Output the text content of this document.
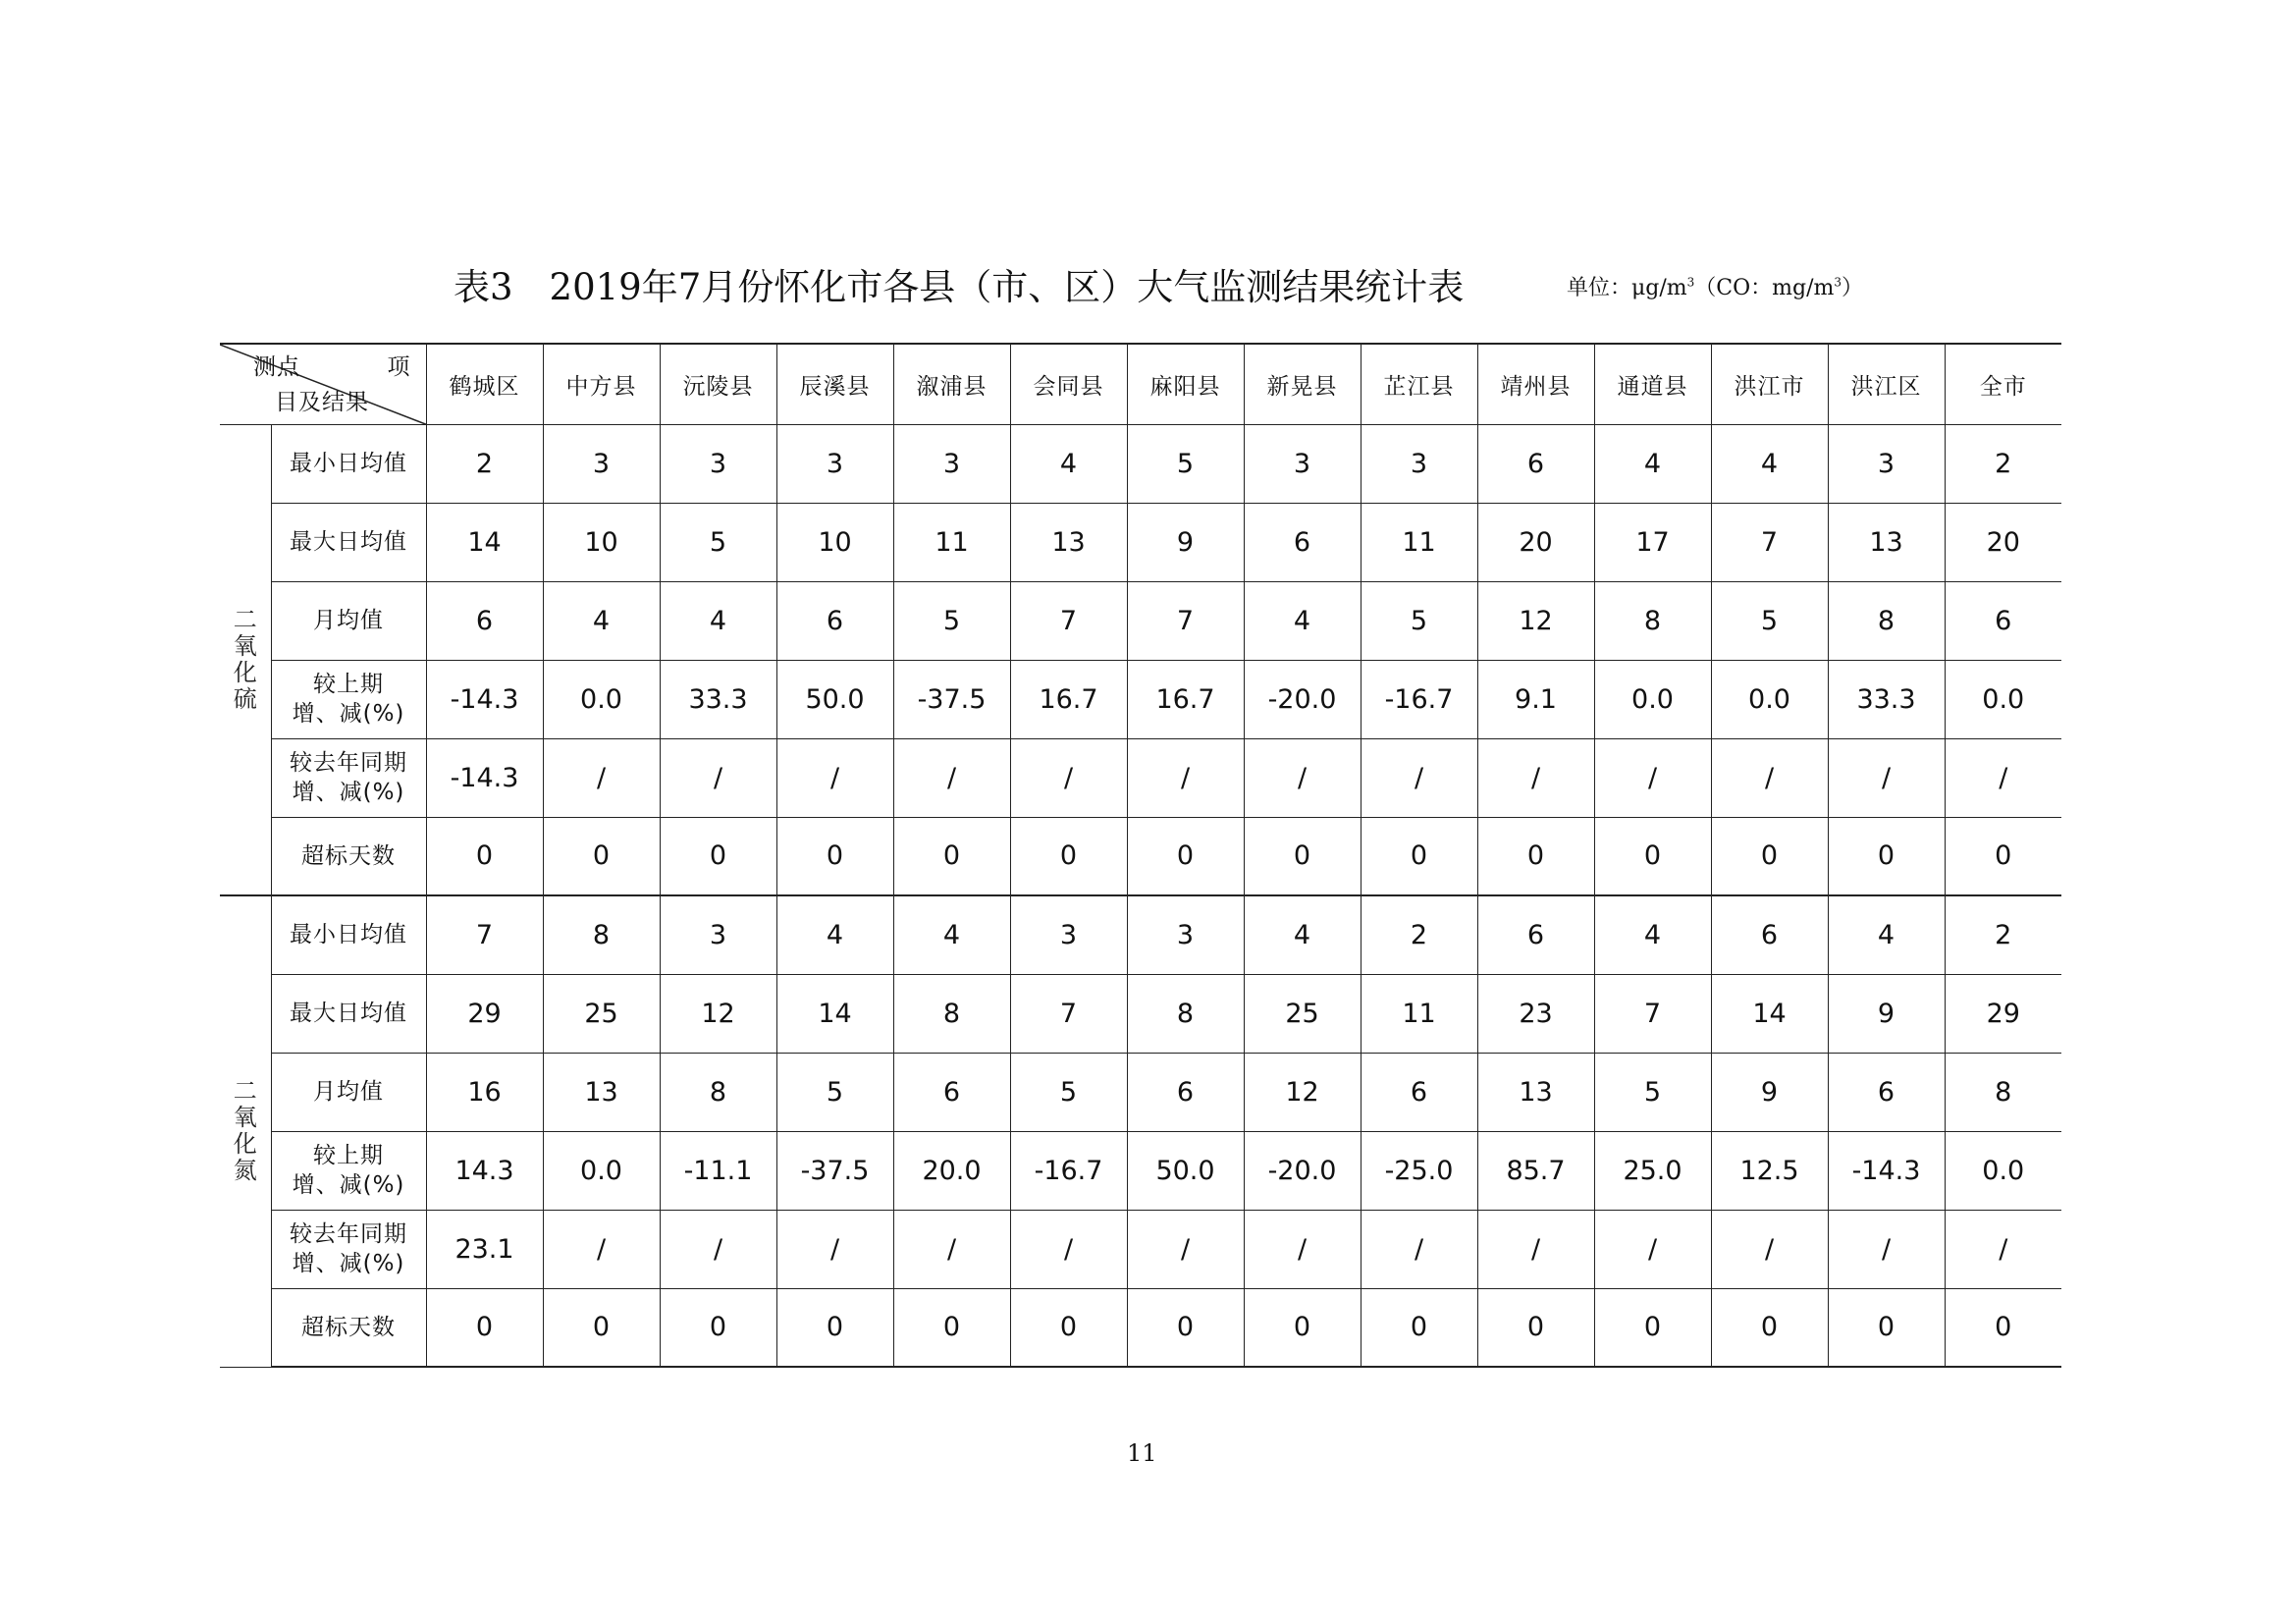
表3　2019年7月份怀化市各县（市、区）大气监测结果统计表	单位：$\mu g/m^3(CO$：$mg/m^3$）
测点 项
目及结果		鹤城区	中方县	沅陵县	辰溪县	溆浦县	会同县	麻阳县	新晃县	芷江县	靖州县	通道县	洪江市	洪江区	全市
二氧化硫	最小日均值	2	3	3	3	3	4	5	3	3	6	4	4	3	2
	最大日均值	14	10	5	10	11	13	9	6	11	20	17	7	13	20
	月均值	6	4	4	6	5	7	7	4	5	12	8	5	8	6

	较上期
增、减(%)	-14.3	0.0	33.3	50.0	-37.5	16.7	16.7	-20.0	-16.7	9.1	0.0	0.0	33.3	0.0

	较去年同期
增、减(%)	-14.3	/	/	/	/	/	/	/	/	/	/	/	/	/
	超标天数	0	0	0	0	0	0	0	0	0	0	0	0	0	0
二氧化氮	最小日均值	7	8	3	4	4	3	3	4	2	6	4	6	4	2
	最大日均值	29	25	12	14	8	7	8	25	11	23	7	14	9	29
	月均值	16	13	8	5	6	5	6	12	6	13	5	9	6	8

	较上期
增、减(%)	14.3	0.0	-11.1	-37.5	20.0	-16.7	50.0	-20.0	-25.0	85.7	25.0	12.5	-14.3	0.0

	较去年同期
增、减(%)	23.1	/	/	/	/	/	/	/	/	/	/	/	/	/
	超标天数	0	0	0	0	0	0	0	0	0	0	0	0	0	0
11
